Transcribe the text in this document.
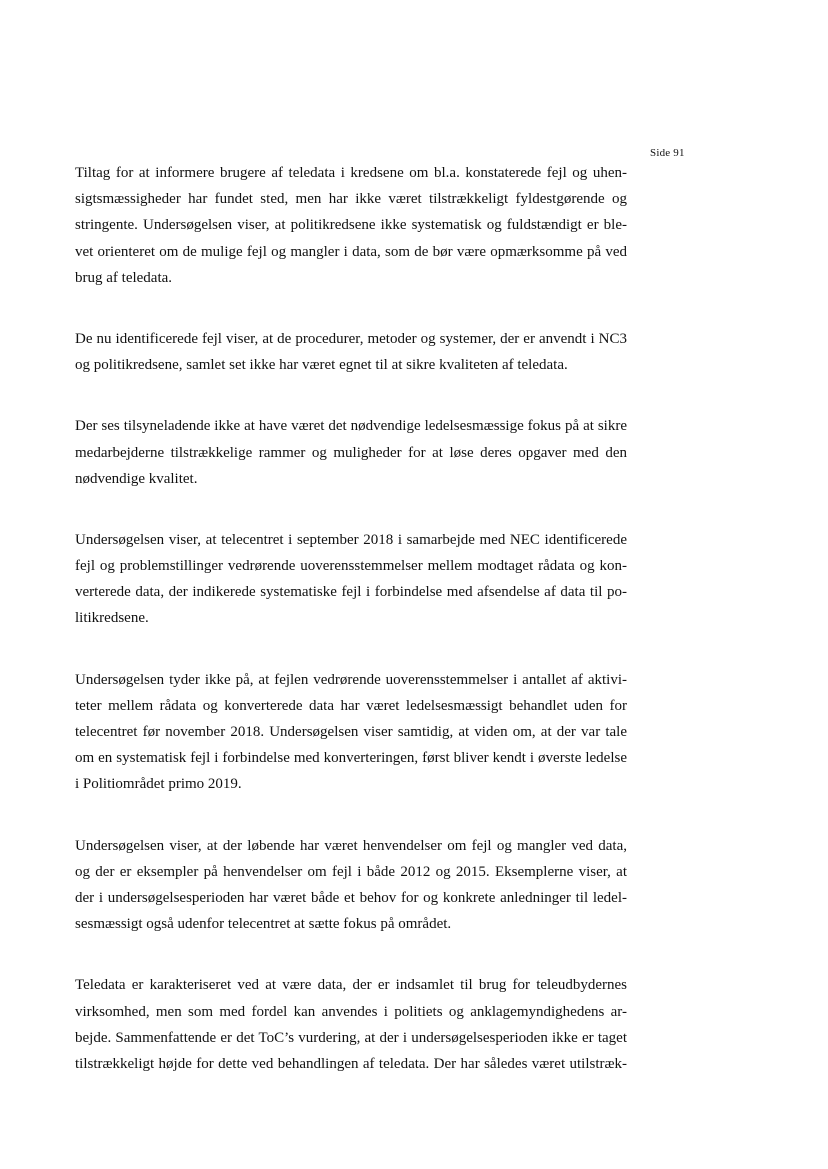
Side 91
Tiltag for at informere brugere af teledata i kredsene om bl.a. konstaterede fejl og uhen-
sigtsmæssigheder har fundet sted, men har ikke været tilstrækkeligt fyldestgørende og
stringente. Undersøgelsen viser, at politikredsene ikke systematisk og fuldstændigt er ble-
vet orienteret om de mulige fejl og mangler i data, som de bør være opmærksomme på ved
brug af teledata.
De nu identificerede fejl viser, at de procedurer, metoder og systemer, der er anvendt i NC3
og politikredsene, samlet set ikke har været egnet til at sikre kvaliteten af teledata.
Der ses tilsyneladende ikke at have været det nødvendige ledelsesmæssige fokus på at sikre
medarbejderne tilstrækkelige rammer og muligheder for at løse deres opgaver med den
nødvendige kvalitet.
Undersøgelsen viser, at telecentret i september 2018 i samarbejde med NEC identificerede
fejl og problemstillinger vedrørende uoverensstemmelser mellem modtaget rådata og kon-
verterede data, der indikerede systematiske fejl i forbindelse med afsendelse af data til po-
litikredsene.
Undersøgelsen tyder ikke på, at fejlen vedrørende uoverensstemmelser i antallet af aktivi-
teter mellem rådata og konverterede data har været ledelsesmæssigt behandlet uden for
telecentret før november 2018. Undersøgelsen viser samtidig, at viden om, at der var tale
om en systematisk fejl i forbindelse med konverteringen, først bliver kendt i øverste ledelse
i Politiområdet primo 2019.
Undersøgelsen viser, at der løbende har været henvendelser om fejl og mangler ved data,
og der er eksempler på henvendelser om fejl i både 2012 og 2015. Eksemplerne viser, at
der i undersøgelsesperioden har været både et behov for og konkrete anledninger til ledel-
sesmæssigt også udenfor telecentret at sætte fokus på området.
Teledata er karakteriseret ved at være data, der er indsamlet til brug for teleudbydernes
virksomhed, men som med fordel kan anvendes i politiets og anklagemyndighedens ar-
bejde. Sammenfattende er det ToC’s vurdering, at der i undersøgelsesperioden ikke er taget
tilstrækkeligt højde for dette ved behandlingen af teledata. Der har således været utilstræk-
